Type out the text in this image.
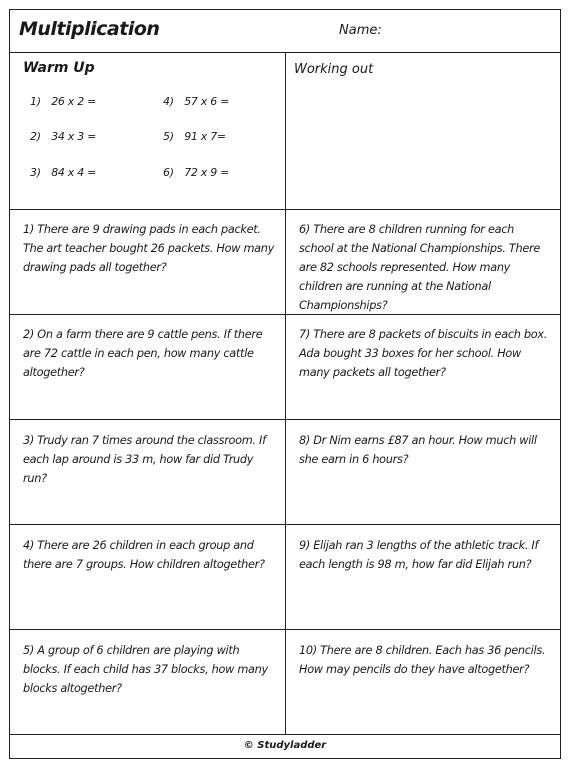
Multiplication	Name:
Warm Up	Working out
1) 26 x 2 =	4) 57 x 6 =
2) 34 x 3 =	5) 91 x 7=
3) 84 x 4 =	6) 72 x 9 =
1) There are 9 drawing pads in each packet. The art teacher bought 26 packets. How many drawing pads all together?
6) There are 8 children running for each school at the National Championships. There are 82 schools represented. How many children are running at the National Championships?
2) On a farm there are 9 cattle pens. If there are 72 cattle in each pen, how many cattle altogether?
7) There are 8 packets of biscuits in each box. Ada bought 33 boxes for her school. How many packets all together?
3) Trudy ran 7 times around the classroom. If each lap around is 33 m, how far did Trudy run?
8) Dr Nim earns £87 an hour. How much will she earn in 6 hours?
4) There are 26 children in each group and there are 7 groups. How children altogether?
9) Elijah ran 3 lengths of the athletic track. If each length is 98 m, how far did Elijah run?
5) A group of 6 children are playing with blocks. If each child has 37 blocks, how many blocks altogether?
10) There are 8 children. Each has 36 pencils. How may pencils do they have altogether?
© Studyladder
